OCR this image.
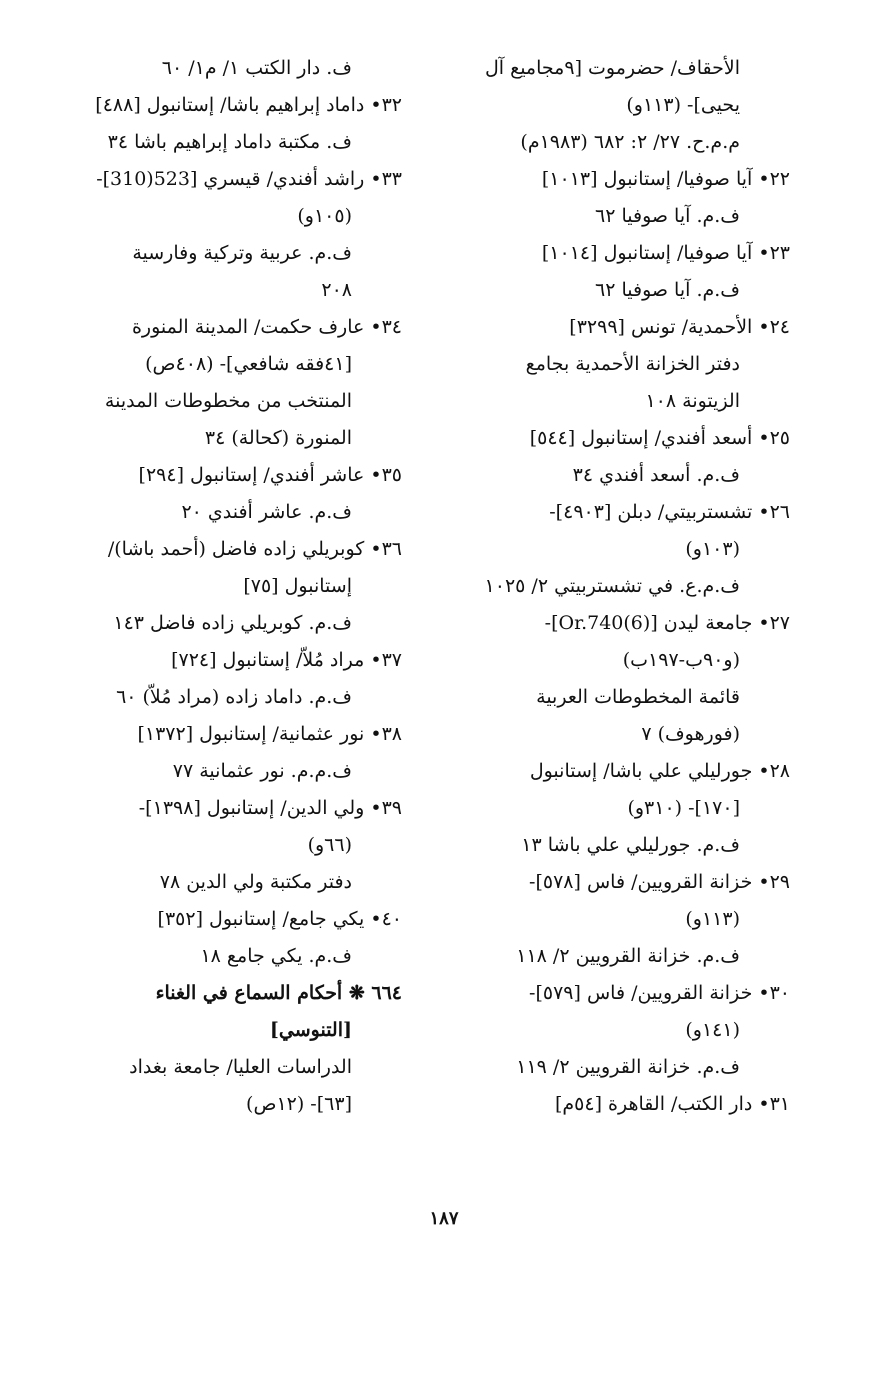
الأحقاف/ حضرموت [٩مجاميع آل
يحيى]- (١١٣و)
م.م.ح. ٢٧/ ٢: ٦٨٢ (١٩٨٣م)
٢٢• آيا صوفيا/ إستانبول [١٠١٣]
ف.م. آيا صوفيا ٦٢
٢٣• آيا صوفيا/ إستانبول [١٠١٤]
ف.م. آيا صوفيا ٦٢
٢٤• الأحمدية/ تونس [٣٢٩٩]
دفتر الخزانة الأحمدية بجامع
الزيتونة ١٠٨
٢٥• أسعد أفندي/ إستانبول [٥٤٤]
ف.م. أسعد أفندي ٣٤
٢٦• تشستربيتي/ دبلن [٤٩٠٣]-
(١٠٣و)
ف.م.ع. في تشستربيتي ٢/ ١٠٢٥
٢٧• جامعة ليدن [Or.740(6)]-
(و٩٠ب-١٩٧ب)
قائمة المخطوطات العربية
(فورهوف) ٧
٢٨• جورليلي علي باشا/ إستانبول
[١٧٠]- (٣١٠و)
ف.م. جورليلي علي باشا ١٣
٢٩• خزانة القرويين/ فاس [٥٧٨]-
(١١٣و)
ف.م. خزانة القرويين ٢/ ١١٨
٣٠• خزانة القرويين/ فاس [٥٧٩]-
(١٤١و)
ف.م. خزانة القرويين ٢/ ١١٩
٣١• دار الكتب/ القاهرة [٥٤م]
ف. دار الكتب ١/ م١/ ٦٠
٣٢• داماد إبراهيم باشا/ إستانبول [٤٨٨]
ف. مكتبة داماد إبراهيم باشا ٣٤
٣٣• راشد أفندي/ قيسري [523(310]-
(١٠٥و)
ف.م. عربية وتركية وفارسية
٢٠٨
٣٤• عارف حكمت/ المدينة المنورة
[٤١فقه شافعي]- (٤٠٨ص)
المنتخب من مخطوطات المدينة
المنورة (كحالة) ٣٤
٣٥• عاشر أفندي/ إستانبول [٢٩٤]
ف.م. عاشر أفندي ٢٠
٣٦• كوبريلي زاده فاضل (أحمد باشا)/
إستانبول [٧٥]
ف.م. كوبريلي زاده فاضل ١٤٣
٣٧• مراد مُلاّ/ إستانبول [٧٢٤]
ف.م. داماد زاده (مراد مُلاّ) ٦٠
٣٨• نور عثمانية/ إستانبول [١٣٧٢]
ف.م.م. نور عثمانية ٧٧
٣٩• ولي الدين/ إستانبول [١٣٩٨]-
(٦٦و)
دفتر مكتبة ولي الدين ٧٨
٤٠• يكي جامع/ إستانبول [٣٥٢]
ف.م. يكي جامع ١٨
٦٦٤ ❋ أحكام السماع في الغناء
[التنوسي]
الدراسات العليا/ جامعة بغداد
[٦٣]- (١٢ص)
١٨٧
